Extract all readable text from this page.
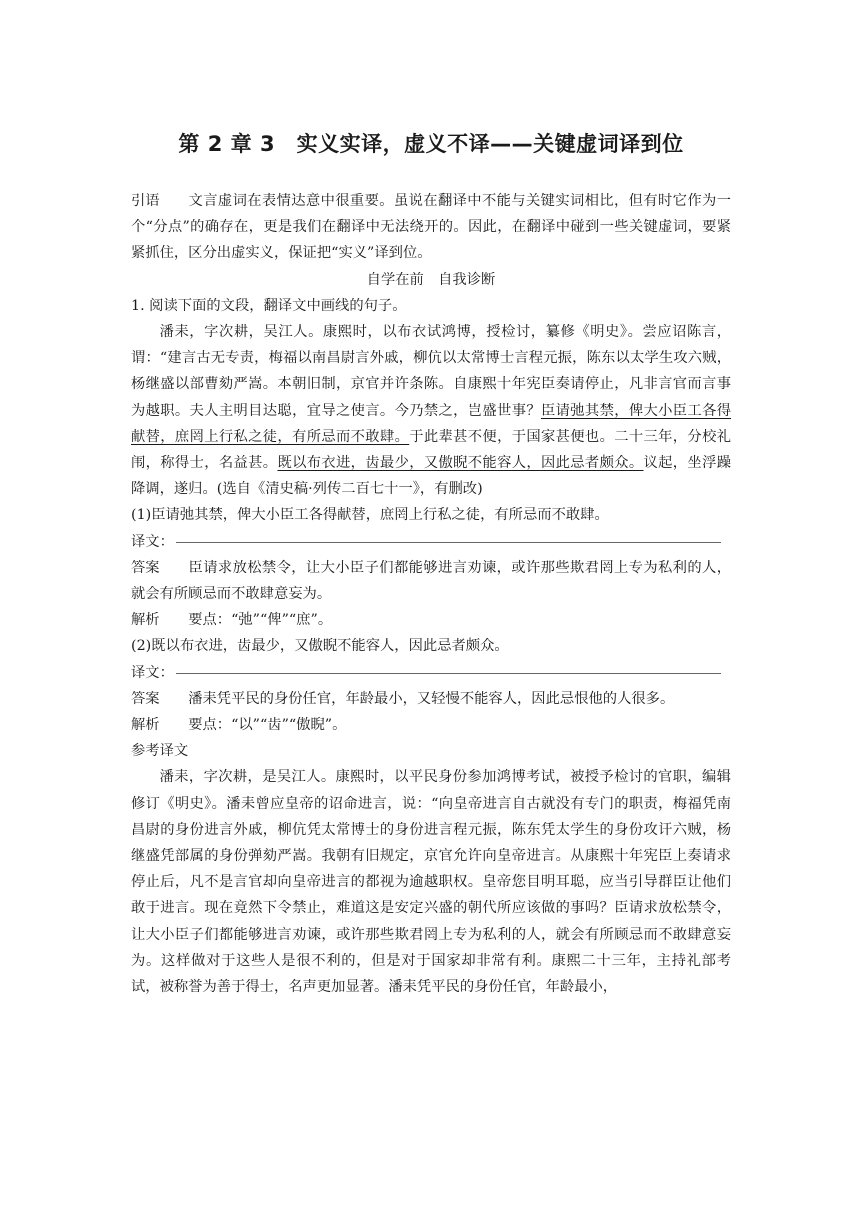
第 2 章 3　实义实译，虚义不译——关键虚词译到位

引语 文言虚词在表情达意中很重要。虽说在翻译中不能与关键实词相比，但有时它作为一个“分点”的确存在，更是我们在翻译中无法绕开的。因此，在翻译中碰到一些关键虚词，要紧紧抓住，区分出虚实义，保证把“实义”译到位。

自学在前　自我诊断

1. 阅读下面的文段，翻译文中画线的句子。

潘耒，字次耕，吴江人。康熙时，以布衣试鸿博，授检讨，纂修《明史》。尝应诏陈言，谓：“建言古无专责，梅福以南昌尉言外戚，柳伉以太常博士言程元振，陈东以太学生攻六贼，杨继盛以部曹劾严嵩。本朝旧制，京官并许条陈。自康熙十年宪臣奏请停止，凡非言官而言事为越职。夫人主明目达聪，宜导之使言。今乃禁之，岂盛世事？臣请弛其禁，俾大小臣工各得献替，庶罔上行私之徒，有所忌而不敢肆。于此辈甚不便，于国家甚便也。二十三年，分校礼闱，称得士，名益甚。既以布衣进，齿最少，又傲睨不能容人，因此忌者颇众。议起，坐浮躁降调，遂归。(选自《清史稿·列传二百七十一》，有删改)

(1)臣请弛其禁，俾大小臣工各得献替，庶罔上行私之徒，有所忌而不敢肆。

译文：

答案 臣请求放松禁令，让大小臣子们都能够进言劝谏，或许那些欺君罔上专为私利的人，就会有所顾忌而不敢肆意妄为。

解析 要点：“弛”“俾”“庶”。

(2)既以布衣进，齿最少，又傲睨不能容人，因此忌者颇众。

译文：

答案 潘耒凭平民的身份任官，年龄最小，又轻慢不能容人，因此忌恨他的人很多。

解析 要点：“以”“齿”“傲睨”。

参考译文

潘耒，字次耕，是吴江人。康熙时，以平民身份参加鸿博考试，被授予检讨的官职，编辑修订《明史》。潘耒曾应皇帝的诏命进言，说：“向皇帝进言自古就没有专门的职责，梅福凭南昌尉的身份进言外戚，柳伉凭太常博士的身份进言程元振，陈东凭太学生的身份攻讦六贼，杨继盛凭部属的身份弹劾严嵩。我朝有旧规定，京官允许向皇帝进言。从康熙十年宪臣上奏请求停止后，凡不是言官却向皇帝进言的都视为逾越职权。皇帝您目明耳聪，应当引导群臣让他们敢于进言。现在竟然下令禁止，难道这是安定兴盛的朝代所应该做的事吗？臣请求放松禁令，让大小臣子们都能够进言劝谏，或许那些欺君罔上专为私利的人，就会有所顾忌而不敢肆意妄为。这样做对于这些人是很不利的，但是对于国家却非常有利。康熙二十三年，主持礼部考试，被称誉为善于得士，名声更加显著。潘耒凭平民的身份任官，年龄最小，
